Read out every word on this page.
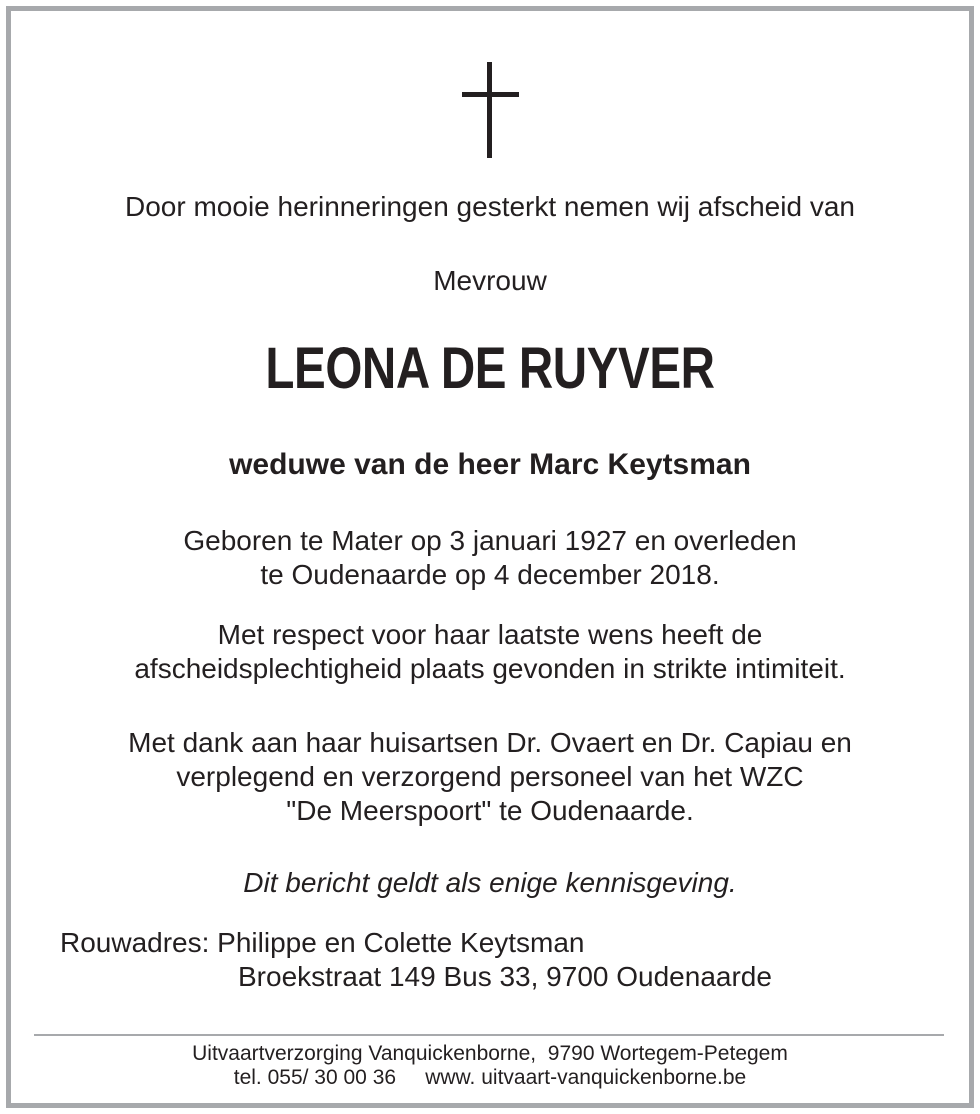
Door mooie herinneringen gesterkt nemen wij afscheid van
Mevrouw
LEONA DE RUYVER
weduwe van de heer Marc Keytsman
Geboren te Mater op 3 januari 1927 en overleden
te Oudenaarde op 4 december 2018.
Met respect voor haar laatste wens heeft de
afscheidsplechtigheid plaats gevonden in strikte intimiteit.
Met dank aan haar huisartsen Dr. Ovaert en Dr. Capiau en
verplegend en verzorgend personeel van het WZC
"De Meerspoort" te Oudenaarde.
Dit bericht geldt als enige kennisgeving.
Rouwadres: Philippe en Colette Keytsman
Broekstraat 149 Bus 33, 9700 Oudenaarde
Uitvaartverzorging Vanquickenborne,  9790 Wortegem-Petegem
tel. 055/ 30 00 36     www. uitvaart-vanquickenborne.be
